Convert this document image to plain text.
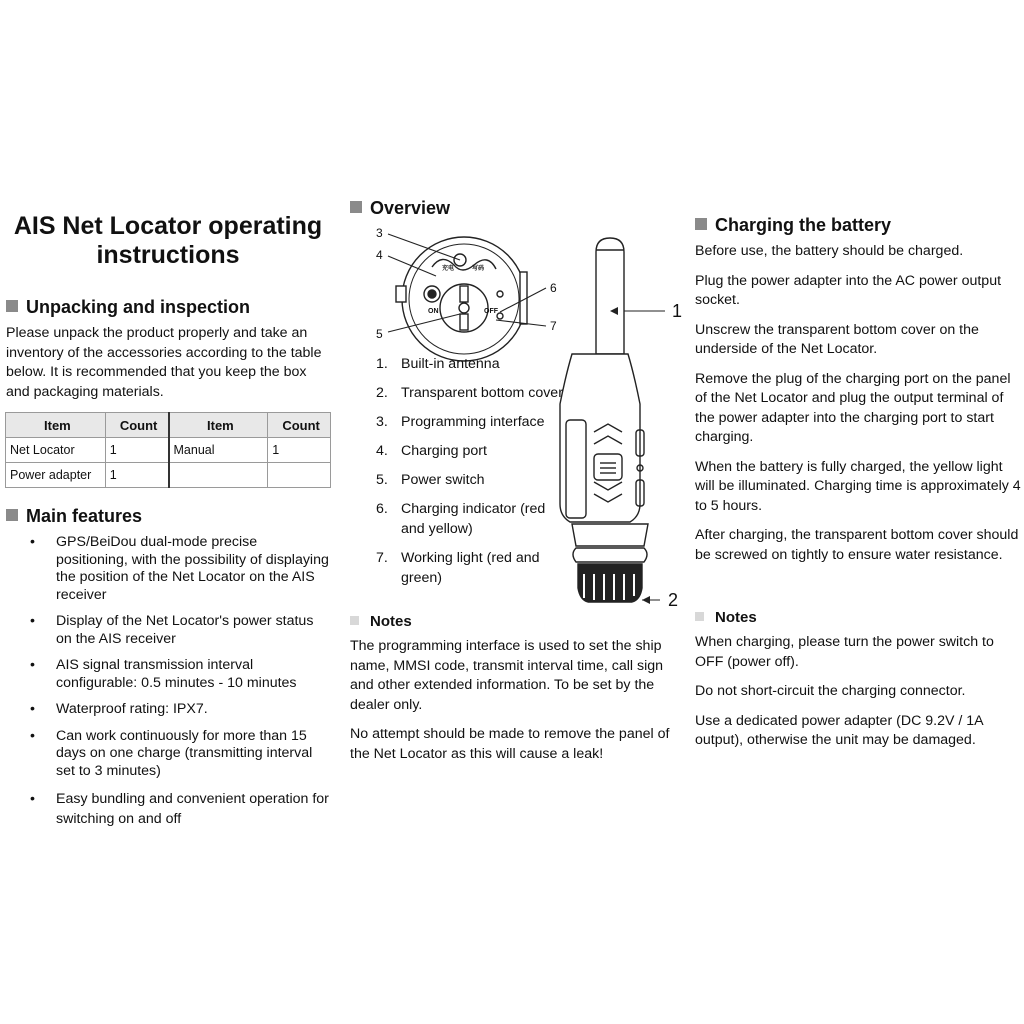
AIS Net Locator operating instructions
Unpacking and inspection
Please unpack the product properly and take an inventory of the accessories according to the table below. It is recommended that you keep the box and packaging materials.
Item	Count	Item	Count
Net Locator	1	Manual	1
Power adapter	1		
Main features
• GPS/BeiDou dual-mode precise positioning, with the possibility of displaying the position of the Net Locator on the AIS receiver
• Display of the Net Locator's power status on the AIS receiver
• AIS signal transmission interval configurable: 0.5 minutes - 10 minutes
• Waterproof rating: IPX7.
• Can work continuously for more than 15 days on one charge (transmitting interval set to 3 minutes)
• Easy bundling and convenient operation for switching on and off
Overview
3
4
5
6
7
1
2
ON	OFF
充电	写码
1. Built-in antenna
2. Transparent bottom cover
3. Programming interface
4. Charging port
5. Power switch
6. Charging indicator (red and yellow)
7. Working light (red and green)
Notes

The programming interface is used to set the ship name, MMSI code, transmit interval time, call sign and other extended information. To be set by the dealer only.

No attempt should be made to remove the panel of the Net Locator as this will cause a leak!

Charging the battery

Before use, the battery should be charged.

Plug the power adapter into the AC power output socket.

Unscrew the transparent bottom cover on the underside of the Net Locator.

Remove the plug of the charging port on the panel of the Net Locator and plug the output terminal of the power adapter into the charging port to start charging.

When the battery is fully charged, the yellow light will be illuminated. Charging time is approximately 4 to 5 hours.

After charging, the transparent bottom cover should be screwed on tightly to ensure water resistance.

Notes

When charging, please turn the power switch to OFF (power off).

Do not short-circuit the charging connector.

Use a dedicated power adapter (DC 9.2V / 1A output), otherwise the unit may be damaged.
